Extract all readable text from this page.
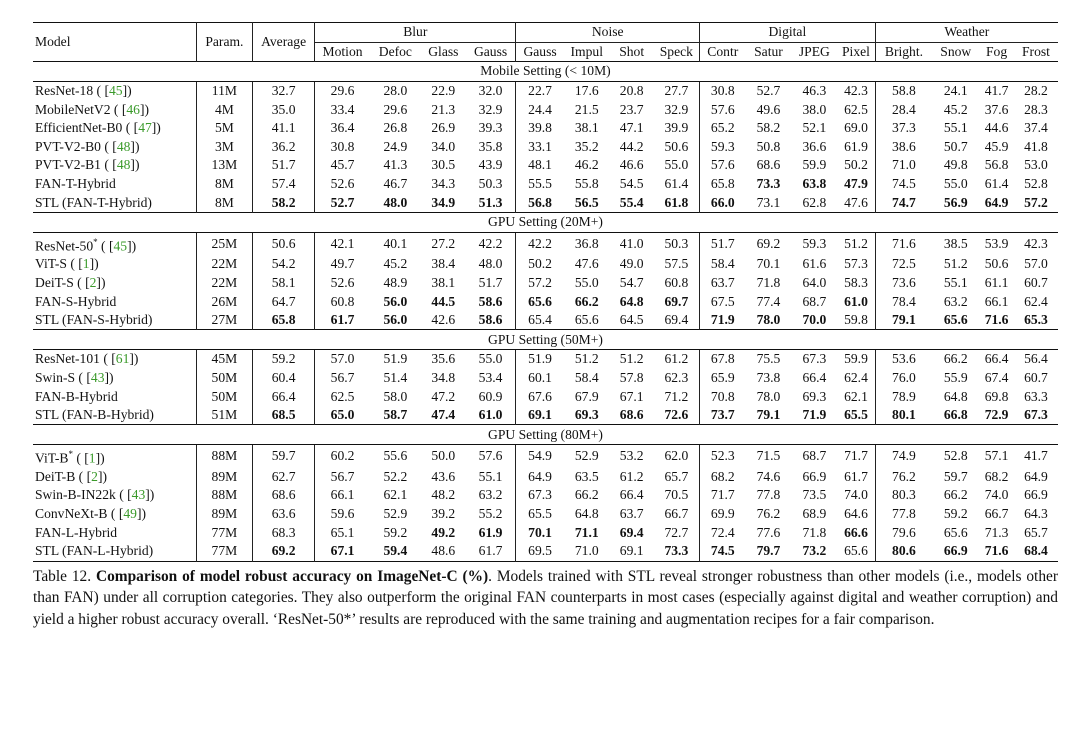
Model	Param.	Average	Blur				Noise				Digital				Weather			
			Motion	Defoc	Glass	Gauss	Gauss	Impul	Shot	Speck	Contr	Satur	JPEG	Pixel	Bright.	Snow	Fog	Frost
Mobile Setting (< 10M)																		
ResNet-18 ( [45])	11M	32.7	29.6	28.0	22.9	32.0	22.7	17.6	20.8	27.7	30.8	52.7	46.3	42.3	58.8	24.1	41.7	28.2
MobileNetV2 ( [46])	4M	35.0	33.4	29.6	21.3	32.9	24.4	21.5	23.7	32.9	57.6	49.6	38.0	62.5	28.4	45.2	37.6	28.3
EfficientNet-B0 ( [47])	5M	41.1	36.4	26.8	26.9	39.3	39.8	38.1	47.1	39.9	65.2	58.2	52.1	69.0	37.3	55.1	44.6	37.4
PVT-V2-B0 ( [48])	3M	36.2	30.8	24.9	34.0	35.8	33.1	35.2	44.2	50.6	59.3	50.8	36.6	61.9	38.6	50.7	45.9	41.8
PVT-V2-B1 ( [48])	13M	51.7	45.7	41.3	30.5	43.9	48.1	46.2	46.6	55.0	57.6	68.6	59.9	50.2	71.0	49.8	56.8	53.0
FAN-T-Hybrid	8M	57.4	52.6	46.7	34.3	50.3	55.5	55.8	54.5	61.4	65.8	73.3	63.8	47.9	74.5	55.0	61.4	52.8
STL (FAN-T-Hybrid)	8M	58.2	52.7	48.0	34.9	51.3	56.8	56.5	55.4	61.8	66.0	73.1	62.8	47.6	74.7	56.9	64.9	57.2
GPU Setting (20M+)																		
ResNet-50* ( [45])	25M	50.6	42.1	40.1	27.2	42.2	42.2	36.8	41.0	50.3	51.7	69.2	59.3	51.2	71.6	38.5	53.9	42.3
ViT-S ( [1])	22M	54.2	49.7	45.2	38.4	48.0	50.2	47.6	49.0	57.5	58.4	70.1	61.6	57.3	72.5	51.2	50.6	57.0
DeiT-S ( [2])	22M	58.1	52.6	48.9	38.1	51.7	57.2	55.0	54.7	60.8	63.7	71.8	64.0	58.3	73.6	55.1	61.1	60.7
FAN-S-Hybrid	26M	64.7	60.8	56.0	44.5	58.6	65.6	66.2	64.8	69.7	67.5	77.4	68.7	61.0	78.4	63.2	66.1	62.4
STL (FAN-S-Hybrid)	27M	65.8	61.7	56.0	42.6	58.6	65.4	65.6	64.5	69.4	71.9	78.0	70.0	59.8	79.1	65.6	71.6	65.3
GPU Setting (50M+)																		
ResNet-101 ( [61])	45M	59.2	57.0	51.9	35.6	55.0	51.9	51.2	51.2	61.2	67.8	75.5	67.3	59.9	53.6	66.2	66.4	56.4
Swin-S ( [43])	50M	60.4	56.7	51.4	34.8	53.4	60.1	58.4	57.8	62.3	65.9	73.8	66.4	62.4	76.0	55.9	67.4	60.7
FAN-B-Hybrid	50M	66.4	62.5	58.0	47.2	60.9	67.6	67.9	67.1	71.2	70.8	78.0	69.3	62.1	78.9	64.8	69.8	63.3
STL (FAN-B-Hybrid)	51M	68.5	65.0	58.7	47.4	61.0	69.1	69.3	68.6	72.6	73.7	79.1	71.9	65.5	80.1	66.8	72.9	67.3
GPU Setting (80M+)																		
ViT-B* ( [1])	88M	59.7	60.2	55.6	50.0	57.6	54.9	52.9	53.2	62.0	52.3	71.5	68.7	71.7	74.9	52.8	57.1	41.7
DeiT-B ( [2])	89M	62.7	56.7	52.2	43.6	55.1	64.9	63.5	61.2	65.7	68.2	74.6	66.9	61.7	76.2	59.7	68.2	64.9
Swin-B-IN22k ( [43])	88M	68.6	66.1	62.1	48.2	63.2	67.3	66.2	66.4	70.5	71.7	77.8	73.5	74.0	80.3	66.2	74.0	66.9
ConvNeXt-B ( [49])	89M	63.6	59.6	52.9	39.2	55.2	65.5	64.8	63.7	66.7	69.9	76.2	68.9	64.6	77.8	59.2	66.7	64.3
FAN-L-Hybrid	77M	68.3	65.1	59.2	49.2	61.9	70.1	71.1	69.4	72.7	72.4	77.6	71.8	66.6	79.6	65.6	71.3	65.7
STL (FAN-L-Hybrid)	77M	69.2	67.1	59.4	48.6	61.7	69.5	71.0	69.1	73.3	74.5	79.7	73.2	65.6	80.6	66.9	71.6	68.4
Table 12. Comparison of model robust accuracy on ImageNet-C (%). Models trained with STL reveal stronger robustness than other models (i.e., models other than FAN) under all corruption categories. They also outperform the original FAN counterparts in most cases (especially against digital and weather corruption) and yield a higher robust accuracy overall. ‘ResNet-50*’ results are reproduced with the same training and augmentation recipes for a fair comparison.
